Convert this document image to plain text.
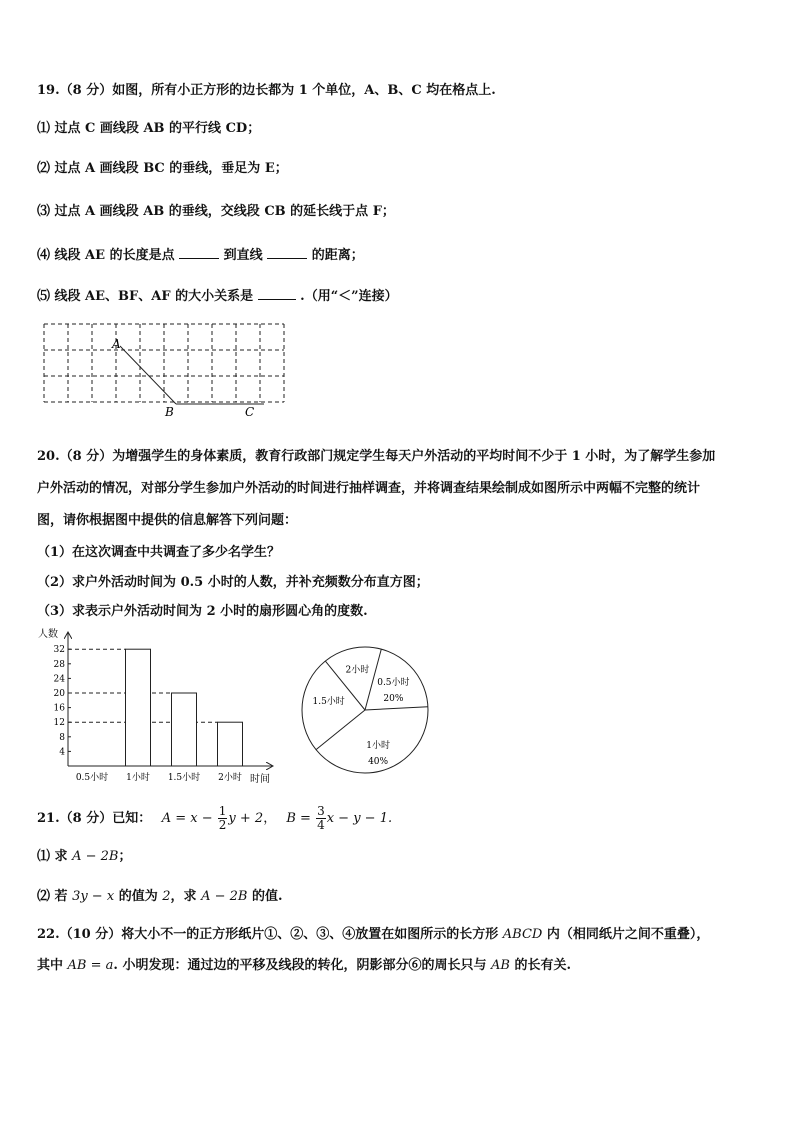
19.（8 分）如图，所有小正方形的边长都为 1 个单位，A、B、C 均在格点上.
⑴ 过点 C 画线段 AB 的平行线 CD；
⑵ 过点 A 画线段 BC 的垂线，垂足为 E；
⑶ 过点 A 画线段 AB 的垂线，交线段 CB 的延长线于点 F；
⑷ 线段 AE 的长度是点	到直线	的距离；
⑸ 线段 AE、BF、AF 的大小关系是	.（用“＜”连接）
A
B	C
20.（8 分）为增强学生的身体素质，教育行政部门规定学生每天户外活动的平均时间不少于 1 小时，为了解学生参加
户外活动的情况，对部分学生参加户外活动的时间进行抽样调查，并将调查结果绘制成如图所示中两幅不完整的统计
图，请你根据图中提供的信息解答下列问题：
（1）在这次调查中共调查了多少名学生？
（2）求户外活动时间为 0.5 小时的人数，并补充频数分布直方图；
（3）求表示户外活动时间为 2 小时的扇形圆心角的度数.
人数
时间
4
8
12
16
20
24
28
32
0.5小时 1小时 1.5小时 2小时
0.5小时
20%
1小时
40%
1.5小时
2小时
21.（8 分）已知： $A = x - \frac{1}{2}$ y + 2， $B = \frac{3}{4}$ x − y − 1.
⑴ 求 A − 2B；
⑵ 若 3y − x 的值为 2，求 A − 2B 的值.
22.（10 分）将大小不一的正方形纸片①、②、③、④放置在如图所示的长方形 ABCD 内（相同纸片之间不重叠），
其中 AB = a. 小明发现：通过边的平移及线段的转化，阴影部分⑥的周长只与 AB 的长有关.
